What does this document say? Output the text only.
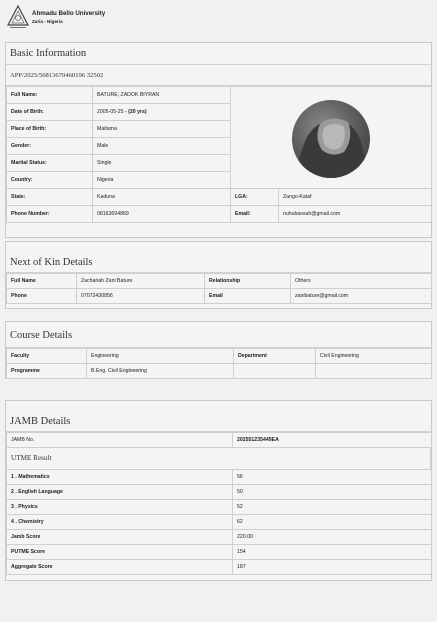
Ahmadu Bello University
Zaria - Nigeria
Basic Information
APP/2025/56813670460196 32502
Full Name:	BATURE, ZADOK BIYRAN	

Date of Birth:	2005-05-25 - (20 yrs)		
Place of Birth:	Maitama		
Gender:	Male		
Marital Status:	Single		
Country:	Nigeria		
State:	Kaduna	LGA:	Zango-Kataf
Phone Number:	08163694869	Email:	nuhubassah@gmail.com
Next of Kin Details
Full Name	Zachariah Zani Bature	Relationship	Others
Phone	07072430856	Email	zanibature@gmail.com
Course Details
Faculty	Engineering	Department	Civil Engineering
Programme	B.Eng. Civil Engineering		
JAMB Details
JAMB No.	202551235449EA
UTME Result
1 . Mathematics	56
2 . English Language	50
3 . Physics	52
4 . Chemistry	62
Jamb Score	220.00
PUTME Score	154
Aggregate Score	187
